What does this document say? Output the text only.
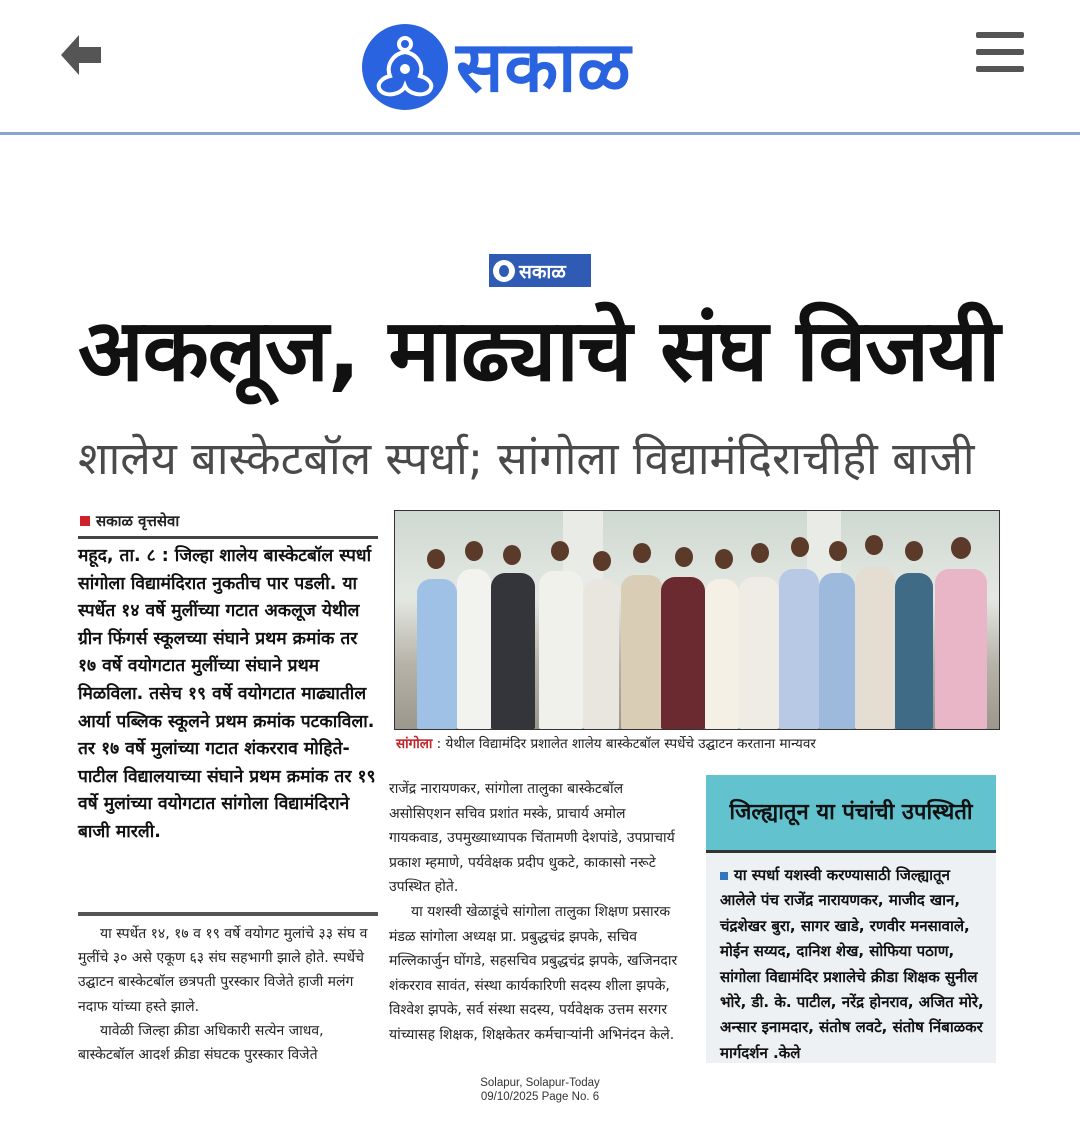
सकाळ
सकाळ
अकलूज, माढ्याचे संघ विजयी
शालेय बास्केटबॉल स्पर्धा; सांगोला विद्यामंदिराचीही बाजी
सकाळ वृत्तसेवा
महूद, ता. ८ : जिल्हा शालेय बास्केटबॉल स्पर्धा सांगोला विद्यामंदिरात नुकतीच पार पडली. या स्पर्धेत १४ वर्षे मुलींच्या गटात अकलूज येथील ग्रीन फिंगर्स स्कूलच्या संघाने प्रथम क्रमांक तर १७ वर्षे वयोगटात मुलींच्या संघाने प्रथम मिळविला. तसेच १९ वर्षे वयोगटात माढ्यातील आर्या पब्लिक स्कूलने प्रथम क्रमांक पटकाविला. तर १७ वर्षे मुलांच्या गटात शंकरराव मोहिते-पाटील विद्यालयाच्या संघाने प्रथम क्रमांक तर १९ वर्षे मुलांच्या वयोगटात सांगोला विद्यामंदिराने बाजी मारली.

या स्पर्धेत १४, १७ व १९ वर्षे वयोगट मुलांचे ३३ संघ व मुलींचे ३० असे एकूण ६३ संघ सहभागी झाले होते. स्पर्धेचे उद्घाटन बास्केटबॉल छत्रपती पुरस्कार विजेते हाजी मलंग नदाफ यांच्या हस्ते झाले.

यावेळी जिल्हा क्रीडा अधिकारी सत्येन जाधव, बास्केटबॉल आदर्श क्रीडा संघटक पुरस्कार विजेते

सांगोला : येथील विद्यामंदिर प्रशालेत शालेय बास्केटबॉल स्पर्धेचे उद्घाटन करताना मान्यवर

राजेंद्र नारायणकर, सांगोला तालुका बास्केटबॉल असोसिएशन सचिव प्रशांत मस्के, प्राचार्य अमोल गायकवाड, उपमुख्याध्यापक चिंतामणी देशपांडे, उपप्राचार्य प्रकाश म्हमाणे, पर्यवेक्षक प्रदीप धुकटे, काकासो नरूटे उपस्थित होते.

या यशस्वी खेळाडूंचे सांगोला तालुका शिक्षण प्रसारक मंडळ सांगोला अध्यक्ष प्रा. प्रबुद्धचंद्र झपके, सचिव मल्लिकार्जुन घोंगडे, सहसचिव प्रबुद्धचंद्र झपके, खजिनदार शंकरराव सावंत, संस्था कार्यकारिणी सदस्य शीला झपके, विश्वेश झपके, सर्व संस्था सदस्य, पर्यवेक्षक उत्तम सरगर यांच्यासह शिक्षक, शिक्षकेतर कर्मचाऱ्यांनी अभिनंदन केले.

जिल्ह्यातून या पंचांची उपस्थिती
या स्पर्धा यशस्वी करण्यासाठी जिल्ह्यातून आलेले पंच राजेंद्र नारायणकर, माजीद खान, चंद्रशेखर बुरा, सागर खाडे, रणवीर मनसावाले, मोईन सय्यद, दानिश शेख, सोफिया पठाण, सांगोला विद्यामंदिर प्रशालेचे क्रीडा शिक्षक सुनील भोरे, डी. के. पाटील, नरेंद्र होनराव, अजित मोरे, अन्सार इनामदार, संतोष लवटे, संतोष निंबाळकर मार्गदर्शन .केले
Solapur, Solapur-Today
09/10/2025 Page No. 6
